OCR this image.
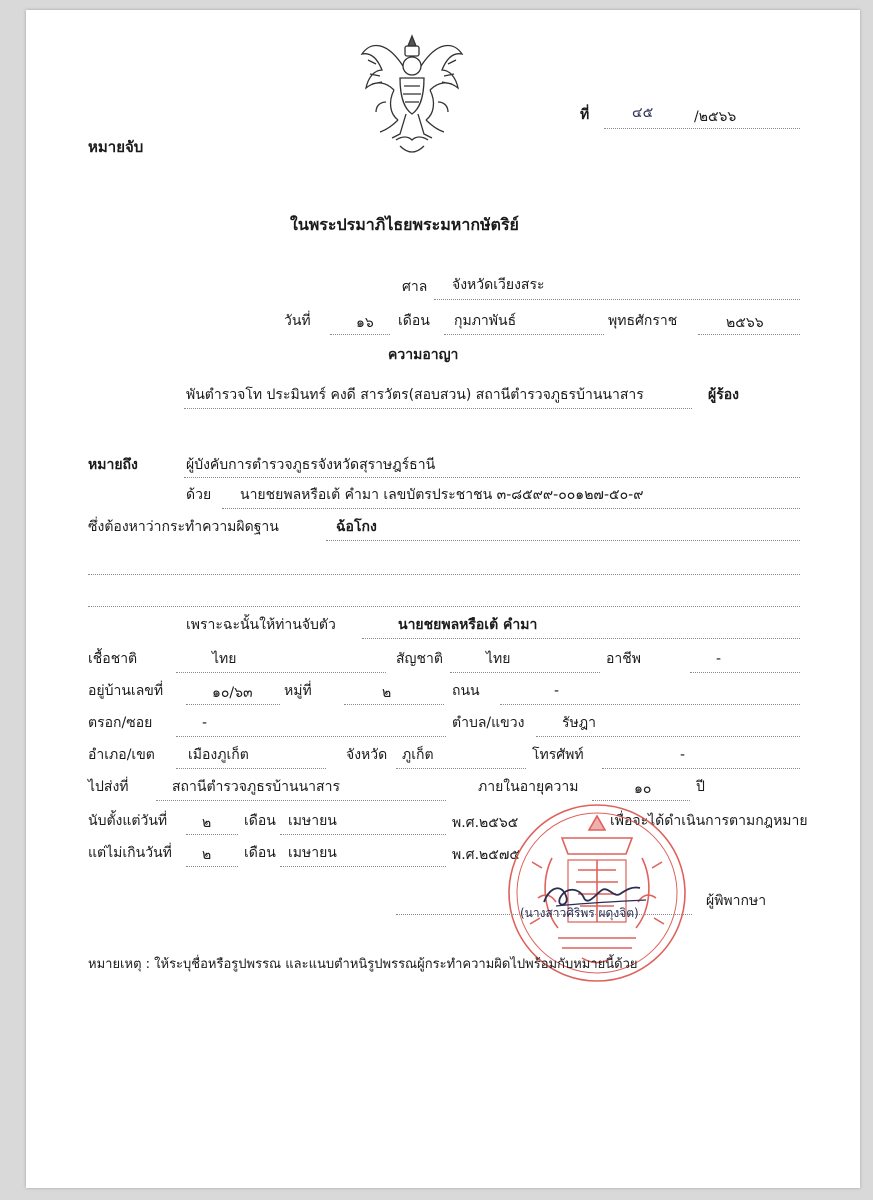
ที่	๔๕	/๒๕๖๖
หมายจับ
ในพระปรมาภิไธยพระมหากษัตริย์
ศาล จังหวัดเวียงสระ
วันที่	๑๖ เดือน กุมภาพันธ์	พุทธศักราช	๒๕๖๖
ความอาญา
พันตำรวจโท ประมินทร์ คงดี สารวัตร(สอบสวน) สถานีตำรวจภูธรบ้านนาสาร	ผู้ร้อง
หมายถึง	ผู้บังคับการตำรวจภูธรจังหวัดสุราษฎร์ธานี
ด้วย นายชยพลหรือเต้ คำมา เลขบัตรประชาชน ๓-๘๕๙๙-๐๐๑๒๗-๕๐-๙
ซึ่งต้องหาว่ากระทำความผิดฐาน	ฉ้อโกง
เพราะฉะนั้นให้ท่านจับตัว	นายชยพลหรือเต้ คำมา
เชื้อชาติ	ไทย	สัญชาติ	ไทย	อาชีพ	-
อยู่บ้านเลขที่	๑๐/๖๓ หมู่ที่	๒	ถนน	-
ตรอก/ซอย	-	ตำบล/แขวง	รัษฎา
อำเภอ/เขต เมืองภูเก็ต	จังหวัด ภูเก็ต	โทรศัพท์	-
ไปส่งที่	สถานีตำรวจภูธรบ้านนาสาร	ภายในอายุความ	๑๐	ปี
นับตั้งแต่วันที่ ๒ เดือน เมษายน	พ.ศ.๒๕๖๕	เพื่อจะได้ดำเนินการตามกฎหมาย
แต่ไม่เกินวันที่ ๒ เดือน เมษายน	พ.ศ.๒๕๗๕
(นางสาวศิริพร ผดุงจิต)
ผู้พิพากษา
หมายเหตุ : ให้ระบุชื่อหรือรูปพรรณ และแนบตำหนิรูปพรรณผู้กระทำความผิดไปพร้อมกับหมายนี้ด้วย
